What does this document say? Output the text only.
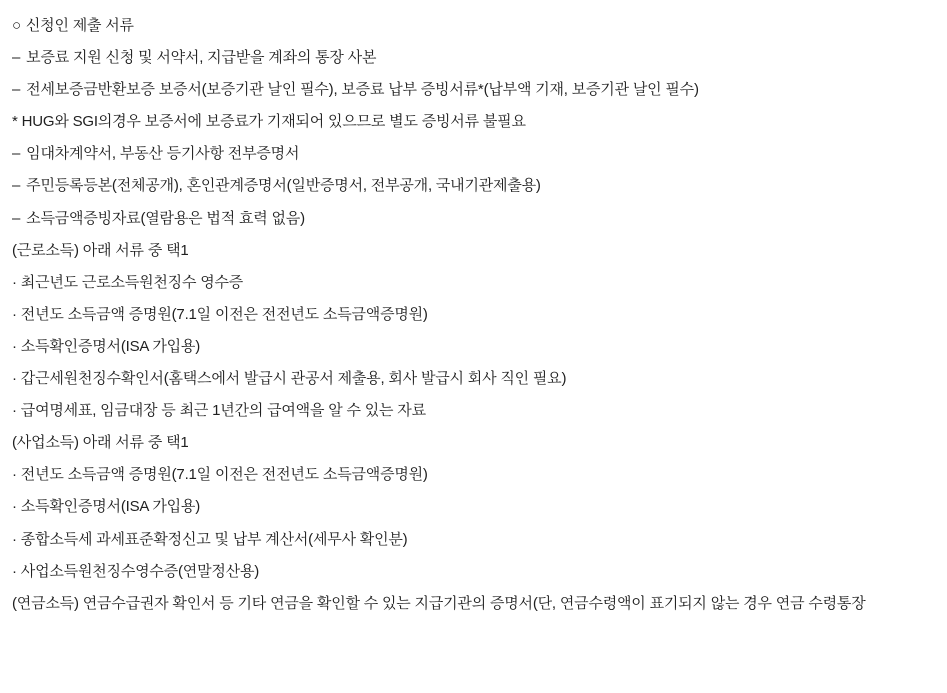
○ 신청인 제출 서류

– 보증료 지원 신청 및 서약서, 지급받을 계좌의 통장 사본

– 전세보증금반환보증 보증서(보증기관 날인 필수), 보증료 납부 증빙서류*(납부액 기재, 보증기관 날인 필수)

* HUG와 SGI의경우 보증서에 보증료가 기재되어 있으므로 별도 증빙서류 불필요

– 임대차계약서, 부동산 등기사항 전부증명서

– 주민등록등본(전체공개), 혼인관계증명서(일반증명서, 전부공개, 국내기관제출용)

– 소득금액증빙자료(열람용은 법적 효력 없음)

(근로소득) 아래 서류 중 택1

· 최근년도 근로소득원천징수 영수증

· 전년도 소득금액 증명원(7.1일 이전은 전전년도 소득금액증명원)

· 소득확인증명서(ISA 가입용)

· 갑근세원천징수확인서(홈택스에서 발급시 관공서 제출용, 회사 발급시 회사 직인 필요)

· 급여명세표, 임금대장 등 최근 1년간의 급여액을 알 수 있는 자료

(사업소득) 아래 서류 중 택1

· 전년도 소득금액 증명원(7.1일 이전은 전전년도 소득금액증명원)

· 소득확인증명서(ISA 가입용)

· 종합소득세 과세표준확정신고 및 납부 계산서(세무사 확인분)

· 사업소득원천징수영수증(연말정산용)

(연금소득) 연금수급권자 확인서 등 기타 연금을 확인할 수 있는 지급기관의 증명서(단, 연금수령액이 표기되지 않는 경우 연금 수령통장
